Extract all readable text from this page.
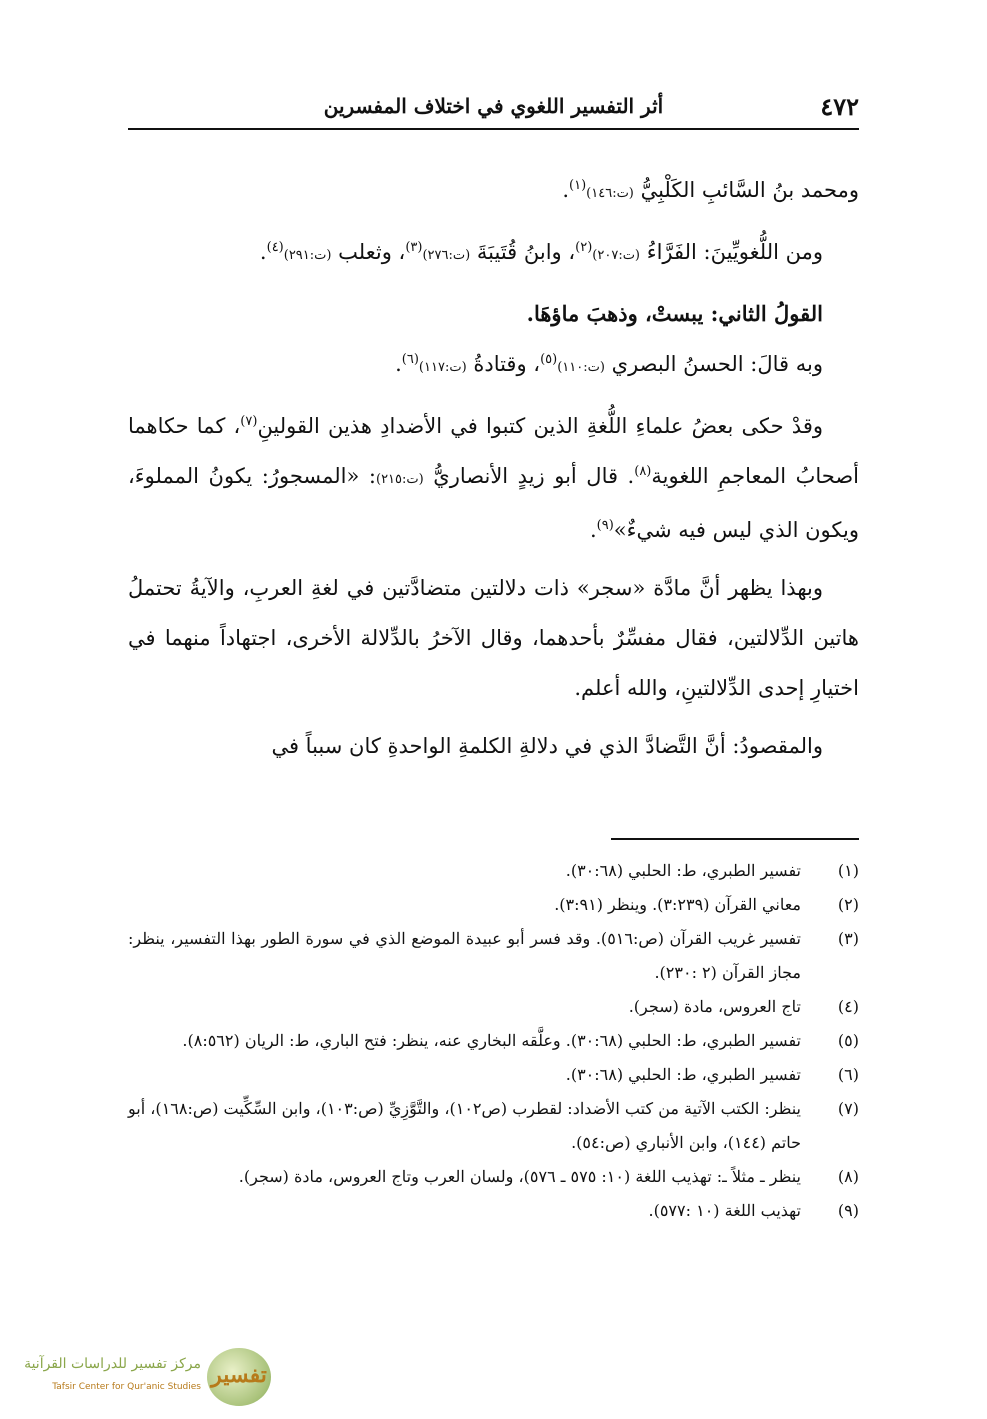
٤٧٢
أثر التفسير اللغوي في اختلاف المفسرين

ومحمد بنُ السَّائبِ الكَلْبِيُّ (ت:١٤٦)$^{(١)}$.

ومن اللُّغويِّينَ: الفَرَّاءُ (ت:٢٠٧)$^{(٢)}$، وابنُ قُتَيبَةَ (ت:٢٧٦)$^{(٣)}$، وثعلب (ت:٢٩١)$^{(٤)}$.

القولُ الثاني: يبستْ، وذهبَ ماؤهَا.

وبه قالَ: الحسنُ البصري (ت:١١٠)$^{(٥)}$، وقتادةُ (ت:١١٧)$^{(٦)}$.

وقدْ حكى بعضُ علماءِ اللُّغةِ الذين كتبوا في الأضدادِ هذين القولينِ$^{(٧)}$، كما حكاهما أصحابُ المعاجمِ اللغوية$^{(٨)}$. قال أبو زيدٍ الأنصاريُّ (ت:٢١٥): «المسجورُ: يكونُ المملوءَ، ويكون الذي ليس فيه شيءٌ»$^{(٩)}$.

وبهذا يظهر أنَّ مادَّة «سجر» ذات دلالتين متضادَّتين في لغةِ العربِ، والآيةُ تحتملُ هاتين الدِّلالتين، فقال مفسِّرٌ بأحدهما، وقال الآخرُ بالدِّلالة الأخرى، اجتهاداً منهما في اختيارِ إحدى الدِّلالتينِ، والله أعلم.

والمقصودُ: أنَّ التَّضادَّ الذي في دلالةِ الكلمةِ الواحدةِ كان سبباً في

(١)
تفسير الطبري، ط: الحلبي (٣٠:٦٨).
(٢)
معاني القرآن (٣:٢٣٩). وينظر (٣:٩١).
(٣)
تفسير غريب القرآن (ص:٥١٦). وقد فسر أبو عبيدة الموضع الذي في سورة الطور بهذا التفسير، ينظر: مجاز القرآن (٢ :٢٣٠).
(٤)
تاج العروس، مادة (سجر).
(٥)
تفسير الطبري، ط: الحلبي (٣٠:٦٨). وعلَّقه البخاري عنه، ينظر: فتح الباري، ط: الريان (٨:٥٦٢).
(٦)
تفسير الطبري، ط: الحلبي (٣٠:٦٨).
(٧)
ينظر: الكتب الآتية من كتب الأضداد: لقطرب (ص١٠٢)، والتَّوَّزِيِّ (ص:١٠٣)، وابن السِّكِّيت (ص:١٦٨)، أبو حاتم (١٤٤)، وابن الأنباري (ص:٥٤).
(٨)
ينظر ـ مثلاً ـ: تهذيب اللغة (١٠: ٥٧٥ ـ ٥٧٦)، ولسان العرب وتاج العروس، مادة (سجر).
(٩)
تهذيب اللغة (١٠ :٥٧٧).
تفسير
مركز تفسير للدراسات القرآنية
Tafsir Center for Qur'anic Studies
